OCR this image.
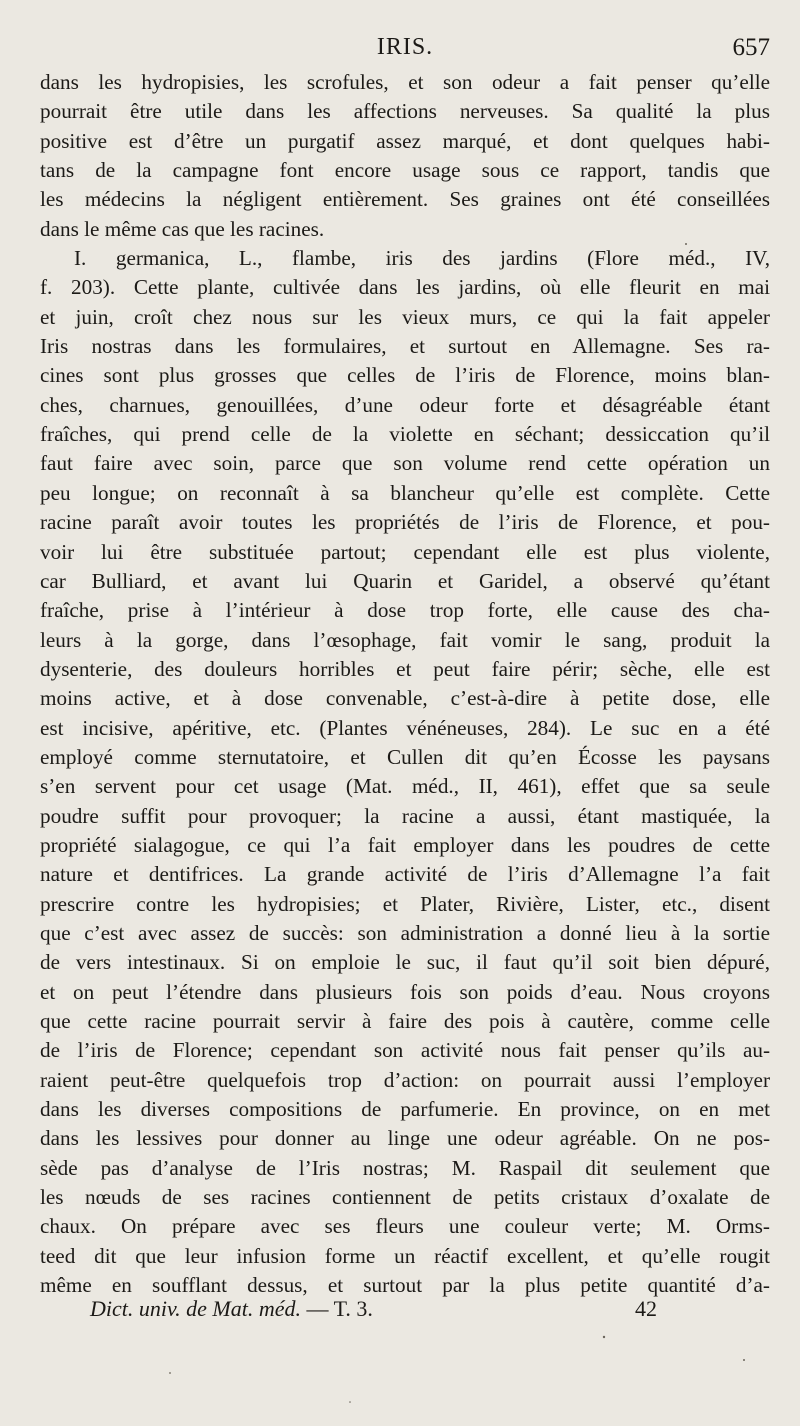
IRIS.	657
dans les hydropisies, les scrofules, et son odeur a fait penser qu’elle
pourrait être utile dans les affections nerveuses. Sa qualité la plus
positive est d’être un purgatif assez marqué, et dont quelques habi-
tans de la campagne font encore usage sous ce rapport, tandis que
les médecins la négligent entièrement. Ses graines ont été conseillées
dans le même cas que les racines.
I. germanica, L., flambe, iris des jardins (Flore méd., IV,
f. 203). Cette plante, cultivée dans les jardins, où elle fleurit en mai
et juin, croît chez nous sur les vieux murs, ce qui la fait appeler
Iris nostras dans les formulaires, et surtout en Allemagne. Ses ra-
cines sont plus grosses que celles de l’iris de Florence, moins blan-
ches, charnues, genouillées, d’une odeur forte et désagréable étant
fraîches, qui prend celle de la violette en séchant; dessiccation qu’il
faut faire avec soin, parce que son volume rend cette opération un
peu longue; on reconnaît à sa blancheur qu’elle est complète. Cette
racine paraît avoir toutes les propriétés de l’iris de Florence, et pou-
voir lui être substituée partout; cependant elle est plus violente,
car Bulliard, et avant lui Quarin et Garidel, a observé qu’étant
fraîche, prise à l’intérieur à dose trop forte, elle cause des cha-
leurs à la gorge, dans l’œsophage, fait vomir le sang, produit la
dysenterie, des douleurs horribles et peut faire périr; sèche, elle est
moins active, et à dose convenable, c’est-à-dire à petite dose, elle
est incisive, apéritive, etc. (Plantes vénéneuses, 284). Le suc en a été
employé comme sternutatoire, et Cullen dit qu’en Écosse les paysans
s’en servent pour cet usage (Mat. méd., II, 461), effet que sa seule
poudre suffit pour provoquer; la racine a aussi, étant mastiquée, la
propriété sialagogue, ce qui l’a fait employer dans les poudres de cette
nature et dentifrices. La grande activité de l’iris d’Allemagne l’a fait
prescrire contre les hydropisies; et Plater, Rivière, Lister, etc., disent
que c’est avec assez de succès: son administration a donné lieu à la sortie
de vers intestinaux. Si on emploie le suc, il faut qu’il soit bien dépuré,
et on peut l’étendre dans plusieurs fois son poids d’eau. Nous croyons
que cette racine pourrait servir à faire des pois à cautère, comme celle
de l’iris de Florence; cependant son activité nous fait penser qu’ils au-
raient peut-être quelquefois trop d’action: on pourrait aussi l’employer
dans les diverses compositions de parfumerie. En province, on en met
dans les lessives pour donner au linge une odeur agréable. On ne pos-
sède pas d’analyse de l’Iris nostras; M. Raspail dit seulement que
les nœuds de ses racines contiennent de petits cristaux d’oxalate de
chaux. On prépare avec ses fleurs une couleur verte; M. Orms-
teed dit que leur infusion forme un réactif excellent, et qu’elle rougit
même en soufflant dessus, et surtout par la plus petite quantité d’a-
Dict. univ. de Mat. méd. — T. 3.	42
